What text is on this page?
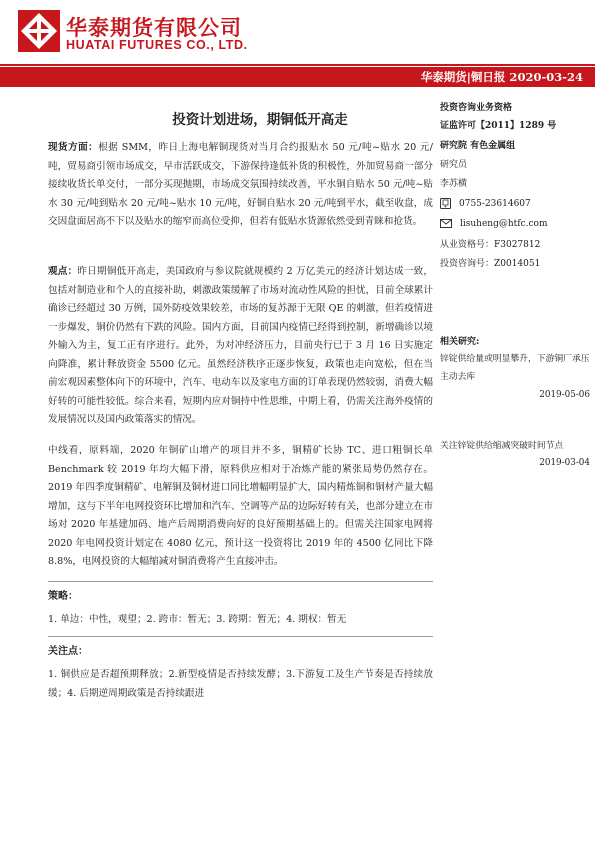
华泰期货有限公司
HUATAI FUTURES CO., LTD.
华泰期货|铜日报 2020-03-24
投资计划进场，期铜低开高走
现货方面：根据 SMM，昨日上海电解铜现货对当月合约报贴水 50 元/吨~贴水 20 元/吨，贸易商引领市场成交，早市活跃成交，下游保持逢低补货的积极性，外加贸易商一部分接续收货长单交付，一部分买现抛期，市场成交氛围持续改善，平水铜自贴水 50 元/吨~贴水 30 元/吨到贴水 20 元/吨~贴水 10 元/吨，好铜自贴水 20 元/吨到平水，截至收盘，成交因盘面居高不下以及贴水的缩窄而高位受抑，但若有低贴水货源依然受到青睐和抢货。
观点：昨日期铜低开高走，美国政府与参议院就规模约 2 万亿美元的经济计划达成一致，包括对制造业和个人的直接补助，刺激政策缓解了市场对流动性风险的担忧，目前全球累计确诊已经超过 30 万例，国外防疫效果较差，市场的复苏源于无限 QE 的刺激，但若疫情进一步爆发，铜价仍然有下跌的风险。国内方面，目前国内疫情已经得到控制，新增确诊以境外输入为主，复工正有序进行。此外，为对冲经济压力，目前央行已于 3 月 16 日实施定向降准，累计释放资金 5500 亿元。虽然经济秩序正逐步恢复，政策也走向宽松，但在当前宏观因素整体向下的环境中，汽车、电动车以及家电方面的订单表现仍然较弱，消费大幅好转的可能性较低。综合来看，短期内应对铜持中性思维，中期上看，仍需关注海外疫情的发展情况以及国内政策落实的情况。
中线看，原料端，2020 年铜矿山增产的项目并不多，铜精矿长协 TC、进口粗铜长单 Benchmark 较 2019 年均大幅下滑，原料供应相对于冶炼产能的紧张局势仍然存在。2019 年四季度铜精矿、电解铜及铜材进口同比增幅明显扩大，国内精炼铜和铜材产量大幅增加，这与下半年电网投资环比增加和汽车、空调等产品的边际好转有关，也部分建立在市场对 2020 年基建加码、地产后周期消费向好的良好预期基础上的。但需关注国家电网将 2020 年电网投资计划定在 4080 亿元，预计这一投资将比 2019 年的 4500 亿同比下降 8.8%，电网投资的大幅缩减对铜消费将产生直接冲击。
策略：
1. 单边：中性，观望；2. 跨市：暂无；3. 跨期：暂无；4. 期权：暂无
关注点：
1. 铜供应是否超预期释放；2.新型疫情是否持续发酵；3.下游复工及生产节奏是否持续放缓；4. 后期逆周期政策是否持续跟进
投资咨询业务资格
证监许可【2011】1289 号
研究院 有色金属组
研究员
李苏横
0755-23614607
lisuheng@htfc.com
从业资格号：F3027812
投资咨询号：Z0014051
相关研究:
锌锭供给量或明显攀升，下游铜厂承压主动去库
2019-05-06
关注锌锭供给缩减突破时间节点
2019-03-04
